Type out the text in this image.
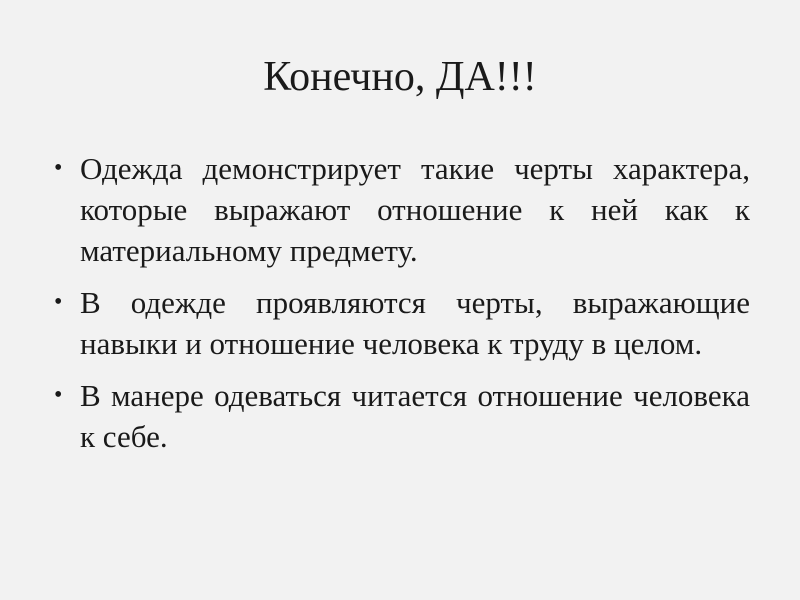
Конечно, ДА!!!
• Одежда демонстрирует такие черты характера, которые выражают отношение к ней как к материальному предмету.
• В одежде проявляются черты, выражающие навыки и отношение человека к труду в целом.
• В манере одеваться читается отношение человека к себе.
